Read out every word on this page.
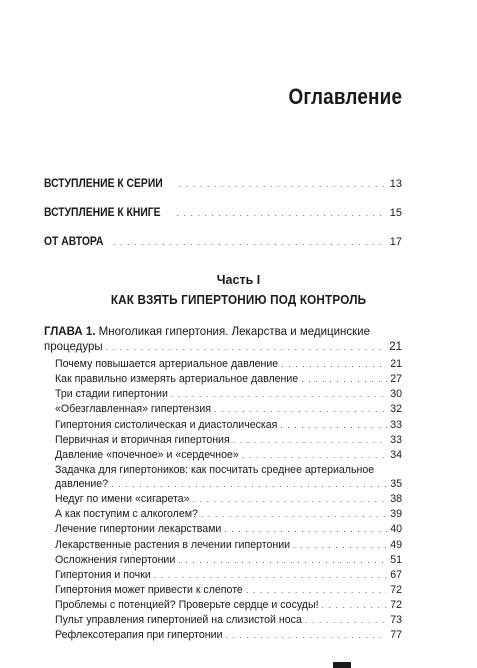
Оглавление
ВСТУПЛЕНИЕ К СЕРИИ . . .	13
ВСТУПЛЕНИЕ К КНИГЕ . . .	15
ОТ АВТОРА . . .	17
Часть I
КАК ВЗЯТЬ ГИПЕРТОНИЮ ПОД КОНТРОЛЬ
ГЛАВА 1. Многоликая гипертония. Лекарства и медицинские
процедуры . . .	21
Почему повышается артериальное давление . . .	21
Как правильно измерять артериальное давление . . .	27
Три стадии гипертонии . . .	30
«Обезглавленная» гипертензия . . .	32
Гипертония систолическая и диастолическая . . .	33
Первичная и вторичная гипертония . . .	33
Давление «почечное» и «сердечное» . . .	34
Задачка для гипертоников: как посчитать среднее артериальное
давление? . . .	35
Недуг по имени «сигарета» . . .	38
А как поступим с алкоголем? . . .	39
Лечение гипертонии лекарствами . . .	40
Лекарственные растения в лечении гипертонии . . .	49
Осложнения гипертонии . . .	51
Гипертония и почки . . .	67
Гипертония может привести к слепоте . . .	72
Проблемы с потенцией? Проверьте сердце и сосуды! . . .	72
Пульт управления гипертонией на слизистой носа . . .	73
Рефлексотерапия при гипертонии . . .	77
